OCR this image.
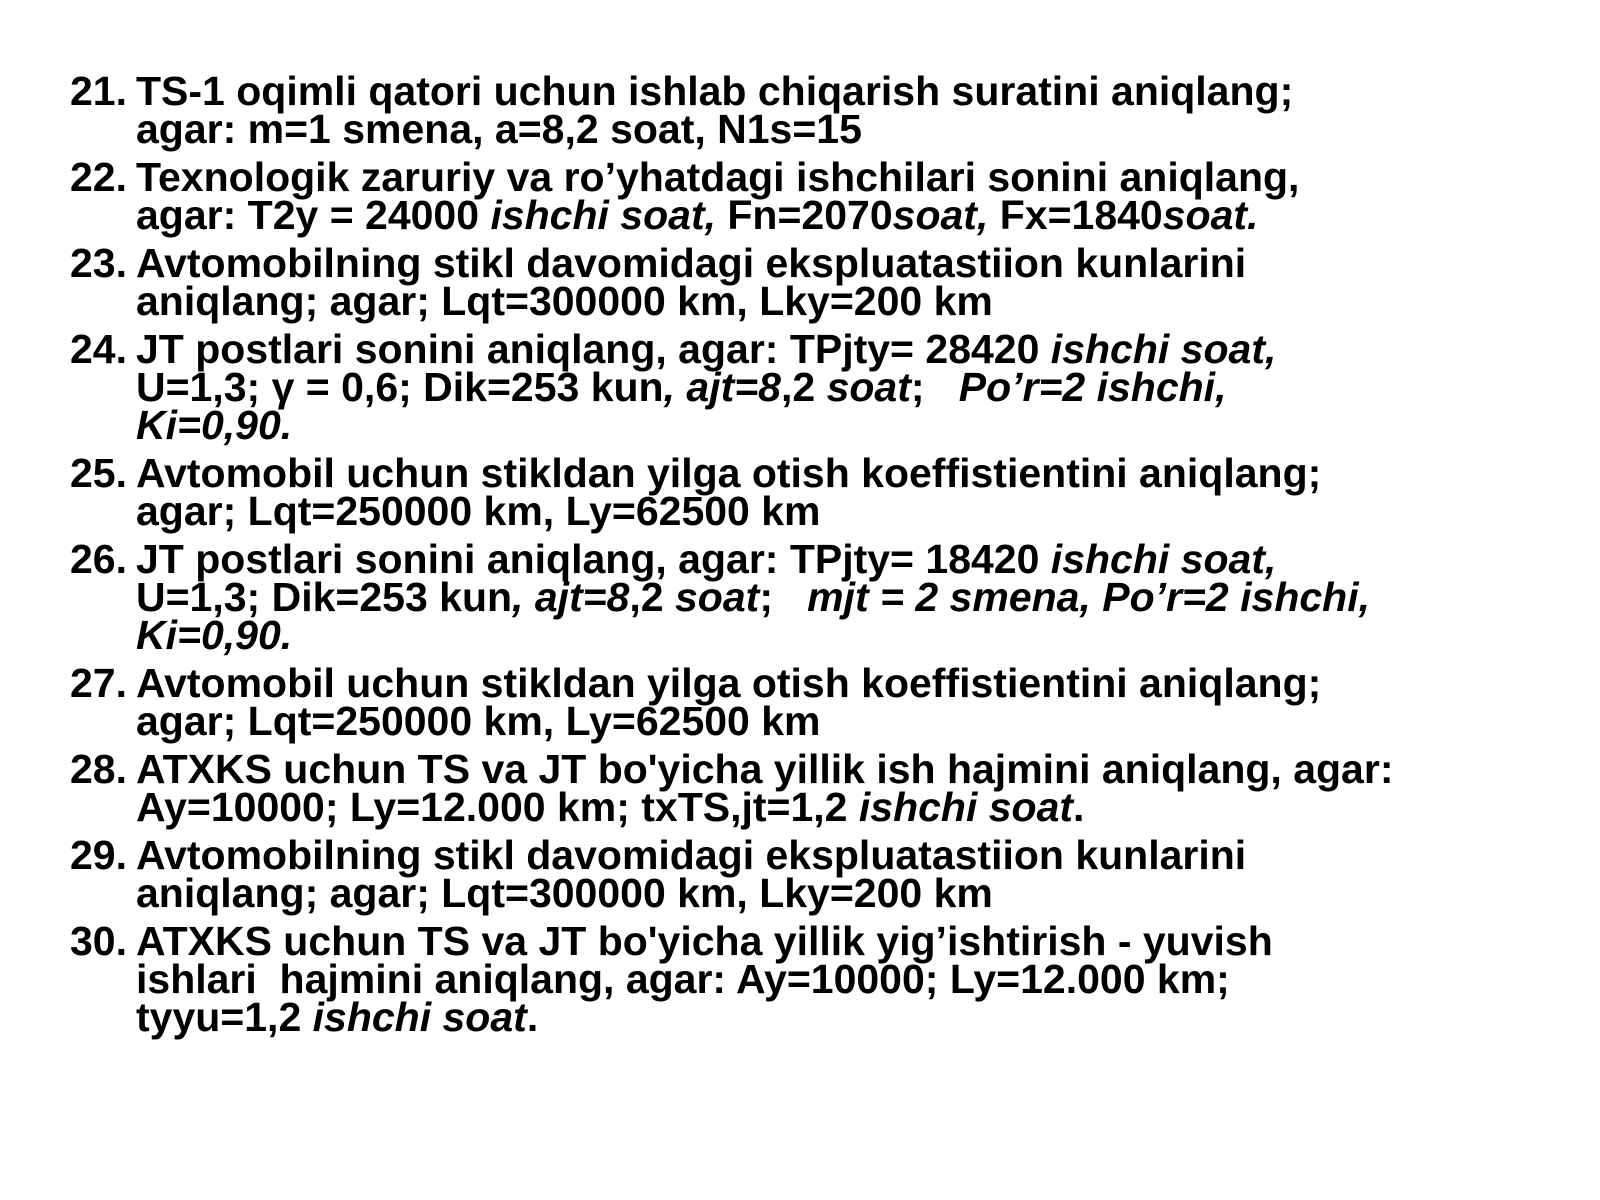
21. TS-1 oqimli qatori uchun ishlab chiqarish suratini aniqlang;
agar: m=1 smena, a=8,2 soat, N1s=15
22. Texnologik zaruriy va ro’yhatdagi ishchilari sonini aniqlang,
agar: T2y = 24000 ishchi soat, Fn=2070soat, Fx=1840soat.
23. Avtomobilning stikl davomidagi ekspluatastiion kunlarini
aniqlang; agar; Lqt=300000 km, Lky=200 km
24. JT postlari sonini aniqlang, agar: TPjty= 28420 ishchi soat,
U=1,3; γ = 0,6; Dik=253 kun, ajt=8,2 soat;   Po’r=2 ishchi,
Ki=0,90.
25. Avtomobil uchun stikldan yilga otish koeffistientini aniqlang;
agar; Lqt=250000 km, Ly=62500 km
26. JT postlari sonini aniqlang, agar: TPjty= 18420 ishchi soat,
U=1,3; Dik=253 kun, ajt=8,2 soat;   mjt = 2 smena, Po’r=2 ishchi,
Ki=0,90.
27. Avtomobil uchun stikldan yilga otish koeffistientini aniqlang;
agar; Lqt=250000 km, Ly=62500 km
28. ATXKS uchun TS va JT bo'yicha yillik ish hajmini aniqlang, agar:
Ay=10000; Ly=12.000 km; txTS,jt=1,2 ishchi soat.
29. Avtomobilning stikl davomidagi ekspluatastiion kunlarini
aniqlang; agar; Lqt=300000 km, Lky=200 km
30. ATXKS uchun TS va JT bo'yicha yillik yig’ishtirish - yuvish
ishlari  hajmini aniqlang, agar: Ay=10000; Ly=12.000 km;
tyyu=1,2 ishchi soat.
